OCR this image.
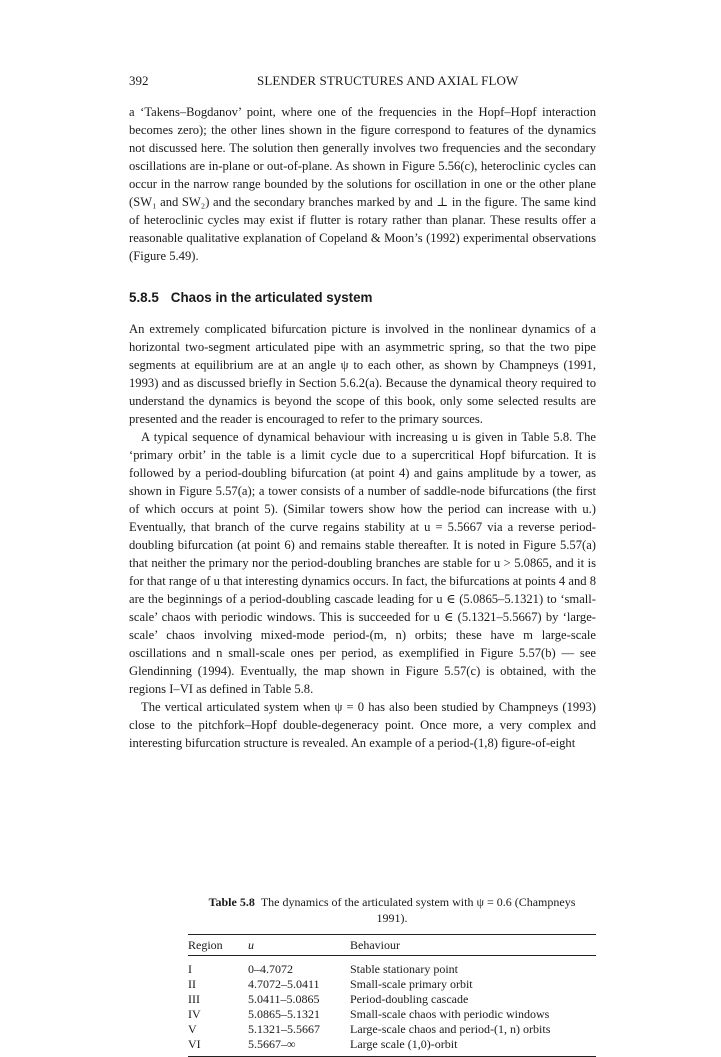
392	SLENDER STRUCTURES AND AXIAL FLOW

a ‘Takens–Bogdanov’ point, where one of the frequencies in the Hopf–Hopf interaction becomes zero); the other lines shown in the figure correspond to features of the dynamics not discussed here. The solution then generally involves two frequencies and the secondary oscillations are in-plane or out-of-plane. As shown in Figure 5.56(c), heteroclinic cycles can occur in the narrow range bounded by the solutions for oscillation in one or the other plane (SW₁ and SW₂) and the secondary branches marked by and ⊥ in the figure. The same kind of heteroclinic cycles may exist if flutter is rotary rather than planar. These results offer a reasonable qualitative explanation of Copeland & Moon’s (1992) experimental observations (Figure 5.49).

5.8.5 Chaos in the articulated system

An extremely complicated bifurcation picture is involved in the nonlinear dynamics of a horizontal two-segment articulated pipe with an asymmetric spring, so that the two pipe segments at equilibrium are at an angle ψ to each other, as shown by Champneys (1991, 1993) and as discussed briefly in Section 5.6.2(a). Because the dynamical theory required to understand the dynamics is beyond the scope of this book, only some selected results are presented and the reader is encouraged to refer to the primary sources.

A typical sequence of dynamical behaviour with increasing u is given in Table 5.8. The ‘primary orbit’ in the table is a limit cycle due to a supercritical Hopf bifurcation. It is followed by a period-doubling bifurcation (at point 4) and gains amplitude by a tower, as shown in Figure 5.57(a); a tower consists of a number of saddle-node bifurcations (the first of which occurs at point 5). (Similar towers show how the period can increase with u.) Eventually, that branch of the curve regains stability at u = 5.5667 via a reverse period-doubling bifurcation (at point 6) and remains stable thereafter. It is noted in Figure 5.57(a) that neither the primary nor the period-doubling branches are stable for u > 5.0865, and it is for that range of u that interesting dynamics occurs. In fact, the bifurcations at points 4 and 8 are the beginnings of a period-doubling cascade leading for u ∈ (5.0865–5.1321) to ‘small-scale’ chaos with periodic windows. This is succeeded for u ∈ (5.1321–5.5667) by ‘large-scale’ chaos involving mixed-mode period-(m, n) orbits; these have m large-scale oscillations and n small-scale ones per period, as exemplified in Figure 5.57(b) — see Glendinning (1994). Eventually, the map shown in Figure 5.57(c) is obtained, with the regions I–VI as defined in Table 5.8.

The vertical articulated system when ψ = 0 has also been studied by Champneys (1993) close to the pitchfork–Hopf double-degeneracy point. Once more, a very complex and interesting bifurcation structure is revealed. An example of a period-(1,8) figure-of-eight

Table 5.8 The dynamics of the articulated system with ψ = 0.6 (Champneys 1991).

Region	u	Behaviour
I	0–4.7072	Stable stationary point
II	4.7072–5.0411	Small-scale primary orbit
III	5.0411–5.0865	Period-doubling cascade
IV	5.0865–5.1321	Small-scale chaos with periodic windows
V	5.1321–5.5667	Large-scale chaos and period-(1, n) orbits
VI	5.5667–∞	Large scale (1,0)-orbit
